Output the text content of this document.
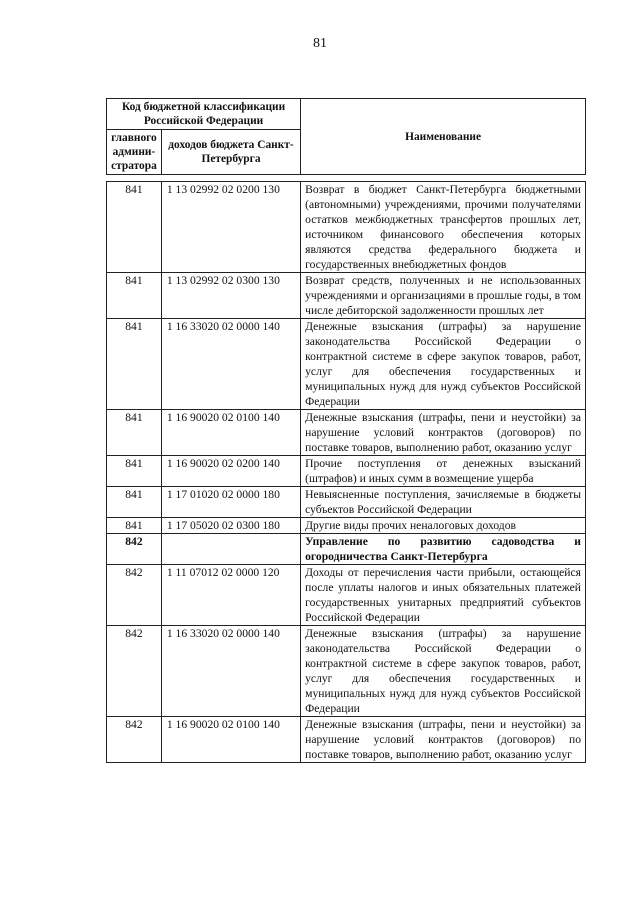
81
Код бюджетной классификации Российской Федерации		Наименование
главного админи-стратора	доходов бюджета Санкт-Петербурга	
841	1 13 02992 02 0200 130	Возврат в бюджет Санкт-Петербурга бюджетными (автономными) учреждениями, прочими получателями остатков межбюджетных трансфертов прошлых лет, источником финансового обеспечения которых являются средства федерального бюджета и государственных внебюджетных фондов
841	1 13 02992 02 0300 130	Возврат средств, полученных и не использованных учреждениями и организациями в прошлые годы, в том числе дебиторской задолженности прошлых лет
841	1 16 33020 02 0000 140	Денежные взыскания (штрафы) за нарушение законодательства Российской Федерации о контрактной системе в сфере закупок товаров, работ, услуг для обеспечения государственных и муниципальных нужд для нужд субъектов Российской Федерации
841	1 16 90020 02 0100 140	Денежные взыскания (штрафы, пени и неустойки) за нарушение условий контрактов (договоров) по поставке товаров, выполнению работ, оказанию услуг
841	1 16 90020 02 0200 140	Прочие поступления от денежных взысканий (штрафов) и иных сумм в возмещение ущерба
841	1 17 01020 02 0000 180	Невыясненные поступления, зачисляемые в бюджеты субъектов Российской Федерации
841	1 17 05020 02 0300 180	Другие виды прочих неналоговых доходов
842		Управление по развитию садоводства и огородничества Санкт-Петербурга
842	1 11 07012 02 0000 120	Доходы от перечисления части прибыли, остающейся после уплаты налогов и иных обязательных платежей государственных унитарных предприятий субъектов Российской Федерации
842	1 16 33020 02 0000 140	Денежные взыскания (штрафы) за нарушение законодательства Российской Федерации о контрактной системе в сфере закупок товаров, работ, услуг для обеспечения государственных и муниципальных нужд для нужд субъектов Российской Федерации
842	1 16 90020 02 0100 140	Денежные взыскания (штрафы, пени и неустойки) за нарушение условий контрактов (договоров) по поставке товаров, выполнению работ, оказанию услуг
